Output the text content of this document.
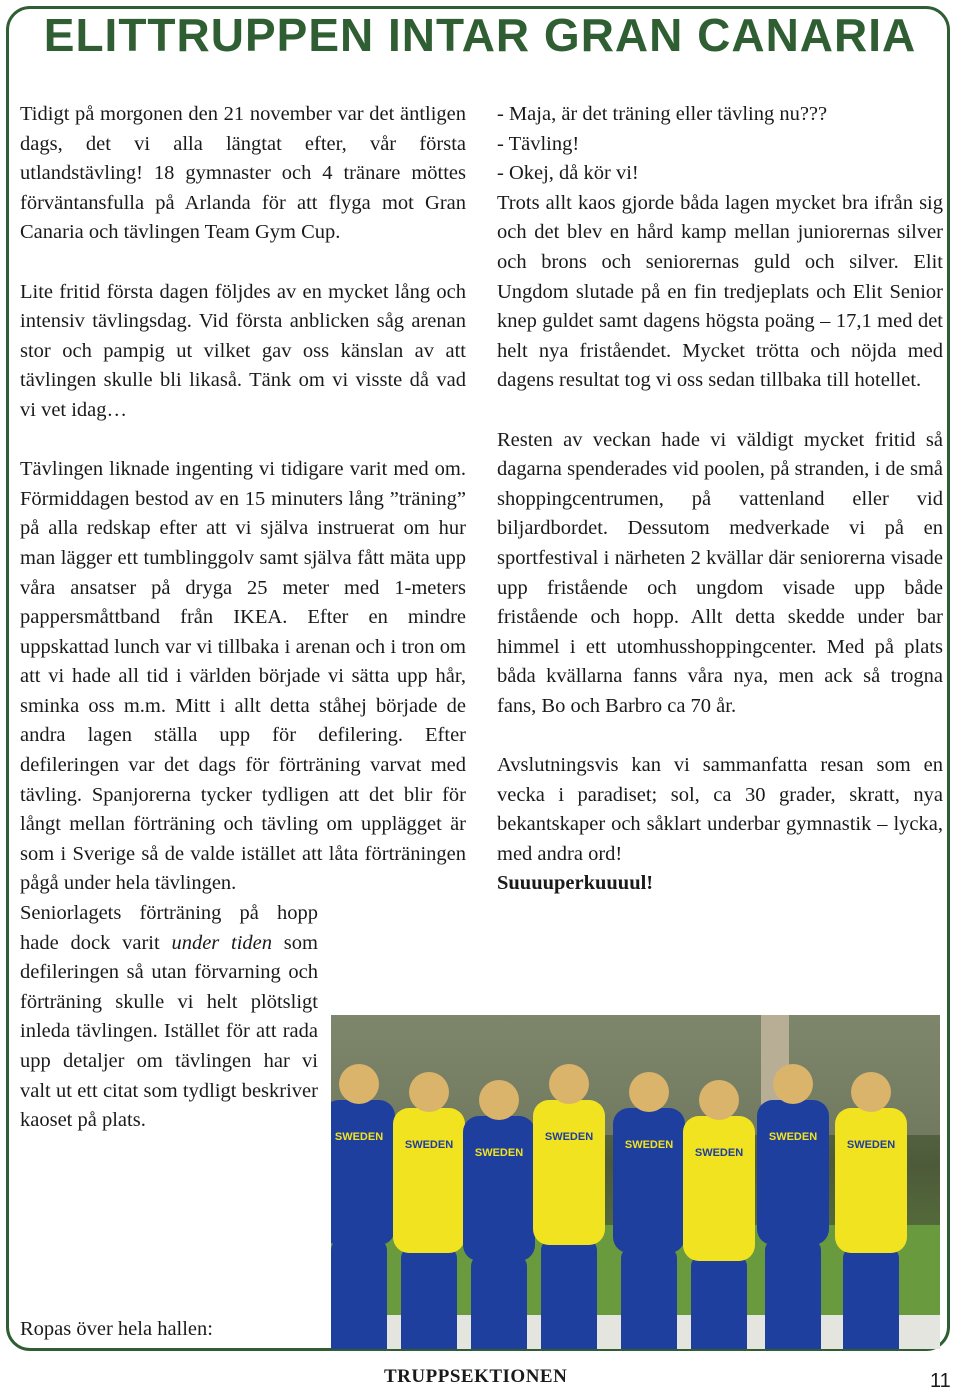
ELITTRUPPEN INTAR GRAN CANARIA

Tidigt på morgonen den 21 november var det äntligen dags, det vi alla längtat efter, vår första utlandstävling! 18 gymnaster och 4 tränare möttes förväntansfulla på Arlanda för att flyga mot Gran Canaria och tävlingen Team Gym Cup.

Lite fritid första dagen följdes av en mycket lång och intensiv tävlingsdag. Vid första anblicken såg arenan stor och pampig ut vilket gav oss känslan av att tävlingen skulle bli likaså. Tänk om vi visste då vad vi vet idag…

Tävlingen liknade ingenting vi tidigare varit med om. Förmiddagen bestod av en 15 minuters lång ”träning” på alla redskap efter att vi själva instruerat om hur man lägger ett tumblinggolv samt själva fått mäta upp våra ansatser på dryga 25 meter med 1-meters pappersmåttband från IKEA. Efter en mindre uppskattad lunch var vi tillbaka i arenan och i tron om att vi hade all tid i världen började vi sätta upp hår, sminka oss m.m. Mitt i allt detta ståhej började de andra lagen ställa upp för defilering. Efter defileringen var det dags för förträning varvat med tävling. Spanjorerna tycker tydligen att det blir för långt mellan förträning och tävling om upplägget är som i Sverige så de valde istället att låta förträningen pågå under hela tävlingen.

Seniorlagets förträning på hopp hade dock varit under tiden som defileringen så utan förvarning och förträning skulle vi helt plötsligt inleda tävlingen. Istället för att rada upp detaljer om tävlingen har vi valt ut ett citat som tydligt beskriver kaoset på plats.

Ropas över hela hallen:
- Maja, är det träning eller tävling nu???
- Tävling!
- Okej, då kör vi!

Trots allt kaos gjorde båda lagen mycket bra ifrån sig och det blev en hård kamp mellan juniorernas silver och brons och seniorernas guld och silver. Elit Ungdom slutade på en fin tredjeplats och Elit Senior knep guldet samt dagens högsta poäng – 17,1 med det helt nya friståendet. Mycket trötta och nöjda med dagens resultat tog vi oss sedan tillbaka till hotellet.

Resten av veckan hade vi väldigt mycket fritid så dagarna spenderades vid poolen, på stranden, i de små shoppingcentrumen, på vattenland eller vid biljardbordet. Dessutom medverkade vi på en sportfestival i närheten 2 kvällar där seniorerna visade upp fristående och ungdom visade upp både fristående och hopp. Allt detta skedde under bar himmel i ett utomhusshoppingcenter. Med på plats båda kvällarna fanns våra nya, men ack så trogna fans, Bo och Barbro ca 70 år.

Avslutningsvis kan vi sammanfatta resan som en vecka i paradiset; sol, ca 30 grader, skratt, nya bekantskaper och såklart underbar gymnastik – lycka, med andra ord!

Suuuuperkuuuul!
SWEDEN
SWEDEN
SWEDEN
SWEDEN
SWEDEN
SWEDEN
SWEDEN
SWEDEN
TRUPPSEKTIONEN	11
